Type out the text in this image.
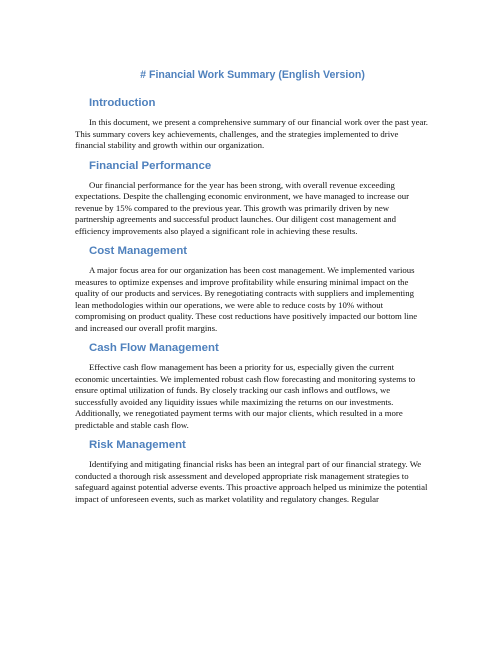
# Financial Work Summary (English Version)
Introduction

In this document, we present a comprehensive summary of our financial work over the past year. This summary covers key achievements, challenges, and the strategies implemented to drive financial stability and growth within our organization.

Financial Performance

Our financial performance for the year has been strong, with overall revenue exceeding expectations. Despite the challenging economic environment, we have managed to increase our revenue by 15% compared to the previous year. This growth was primarily driven by new partnership agreements and successful product launches. Our diligent cost management and efficiency improvements also played a significant role in achieving these results.

Cost Management

A major focus area for our organization has been cost management. We implemented various measures to optimize expenses and improve profitability while ensuring minimal impact on the quality of our products and services. By renegotiating contracts with suppliers and implementing lean methodologies within our operations, we were able to reduce costs by 10% without compromising on product quality. These cost reductions have positively impacted our bottom line and increased our overall profit margins.

Cash Flow Management

Effective cash flow management has been a priority for us, especially given the current economic uncertainties. We implemented robust cash flow forecasting and monitoring systems to ensure optimal utilization of funds. By closely tracking our cash inflows and outflows, we successfully avoided any liquidity issues while maximizing the returns on our investments. Additionally, we renegotiated payment terms with our major clients, which resulted in a more predictable and stable cash flow.

Risk Management

Identifying and mitigating financial risks has been an integral part of our financial strategy. We conducted a thorough risk assessment and developed appropriate risk management strategies to safeguard against potential adverse events. This proactive approach helped us minimize the potential impact of unforeseen events, such as market volatility and regulatory changes. Regular
